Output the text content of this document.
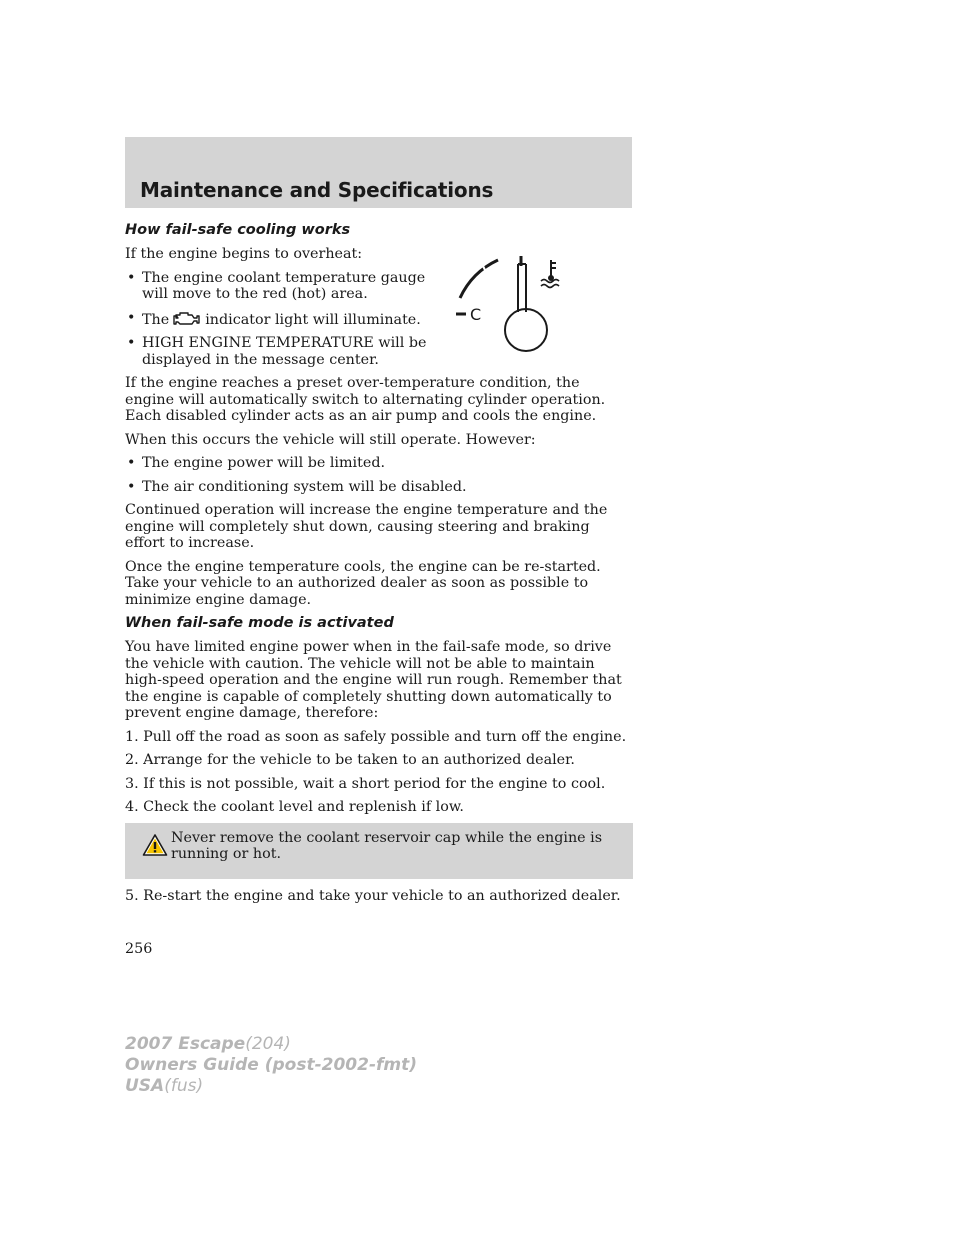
Maintenance and Specifications
C
How fail-safe cooling works
If the engine begins to overheat:
• The engine coolant temperature gauge will move to the red (hot) area.
• The	indicator light will illuminate.
• HIGH ENGINE TEMPERATURE will be displayed in the message center.
If the engine reaches a preset over-temperature condition, the engine will automatically switch to alternating cylinder operation. Each disabled cylinder acts as an air pump and cools the engine.
When this occurs the vehicle will still operate. However:
• The engine power will be limited.
• The air conditioning system will be disabled.
Continued operation will increase the engine temperature and the engine will completely shut down, causing steering and braking effort to increase.
Once the engine temperature cools, the engine can be re-started. Take your vehicle to an authorized dealer as soon as possible to minimize engine damage.
When fail-safe mode is activated
You have limited engine power when in the fail-safe mode, so drive the vehicle with caution. The vehicle will not be able to maintain high-speed operation and the engine will run rough. Remember that the engine is capable of completely shutting down automatically to prevent engine damage, therefore:
1. Pull off the road as soon as safely possible and turn off the engine.
2. Arrange for the vehicle to be taken to an authorized dealer.
3. If this is not possible, wait a short period for the engine to cool.
4. Check the coolant level and replenish if low.
Never remove the coolant reservoir cap while the engine is running or hot.
5. Re-start the engine and take your vehicle to an authorized dealer.
256
2007 Escape(204)
Owners Guide (post-2002-fmt)
USA(fus)
